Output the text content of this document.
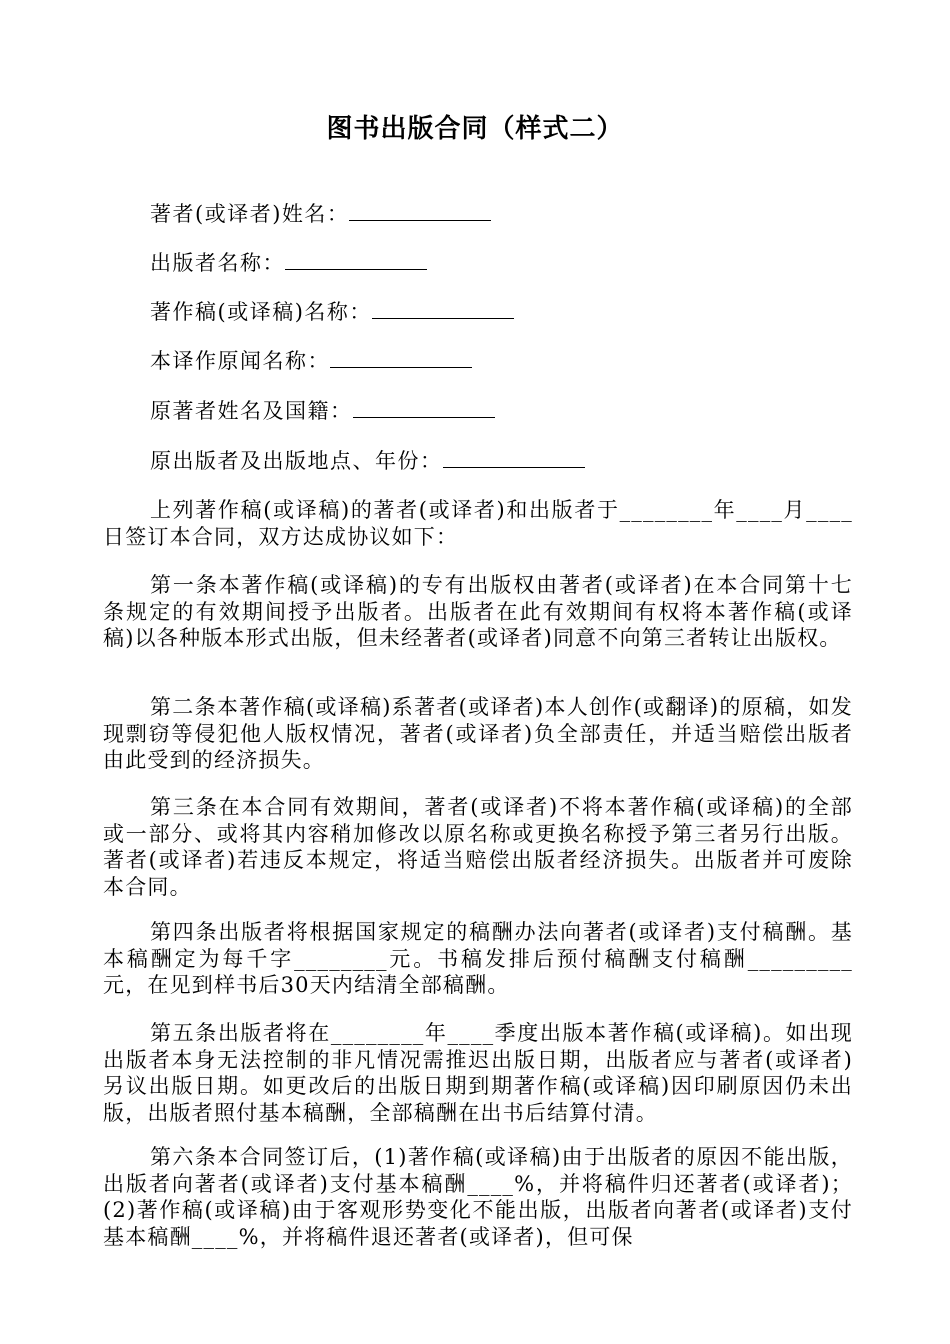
图书出版合同（样式二）
著者(或译者)姓名：
出版者名称：
著作稿(或译稿)名称：
本译作原闻名称：
原著者姓名及国籍：
原出版者及出版地点、年份：

上列著作稿(或译稿)的著者(或译者)和出版者于________年____月____日签订本合同，双方达成协议如下：

第一条本著作稿(或译稿)的专有出版权由著者(或译者)在本合同第十七条规定的有效期间授予出版者。出版者在此有效期间有权将本著作稿(或译稿)以各种版本形式出版，但未经著者(或译者)同意不向第三者转让出版权。

第二条本著作稿(或译稿)系著者(或译者)本人创作(或翻译)的原稿，如发现剽窃等侵犯他人版权情况，著者(或译者)负全部责任，并适当赔偿出版者由此受到的经济损失。

第三条在本合同有效期间，著者(或译者)不将本著作稿(或译稿)的全部或一部分、或将其内容稍加修改以原名称或更换名称授予第三者另行出版。著者(或译者)若违反本规定，将适当赔偿出版者经济损失。出版者并可废除本合同。

第四条出版者将根据国家规定的稿酬办法向著者(或译者)支付稿酬。基本稿酬定为每千字________元。书稿发排后预付稿酬支付稿酬_________元，在见到样书后30天内结清全部稿酬。

第五条出版者将在________年____季度出版本著作稿(或译稿)。如出现出版者本身无法控制的非凡情况需推迟出版日期，出版者应与著者(或译者)另议出版日期。如更改后的出版日期到期著作稿(或译稿)因印刷原因仍未出版，出版者照付基本稿酬，全部稿酬在出书后结算付清。

第六条本合同签订后，(1)著作稿(或译稿)由于出版者的原因不能出版，出版者向著者(或译者)支付基本稿酬____%，并将稿件归还著者(或译者)；(2)著作稿(或译稿)由于客观形势变化不能出版，出版者向著者(或译者)支付基本稿酬____%，并将稿件退还著者(或译者)，但可保
